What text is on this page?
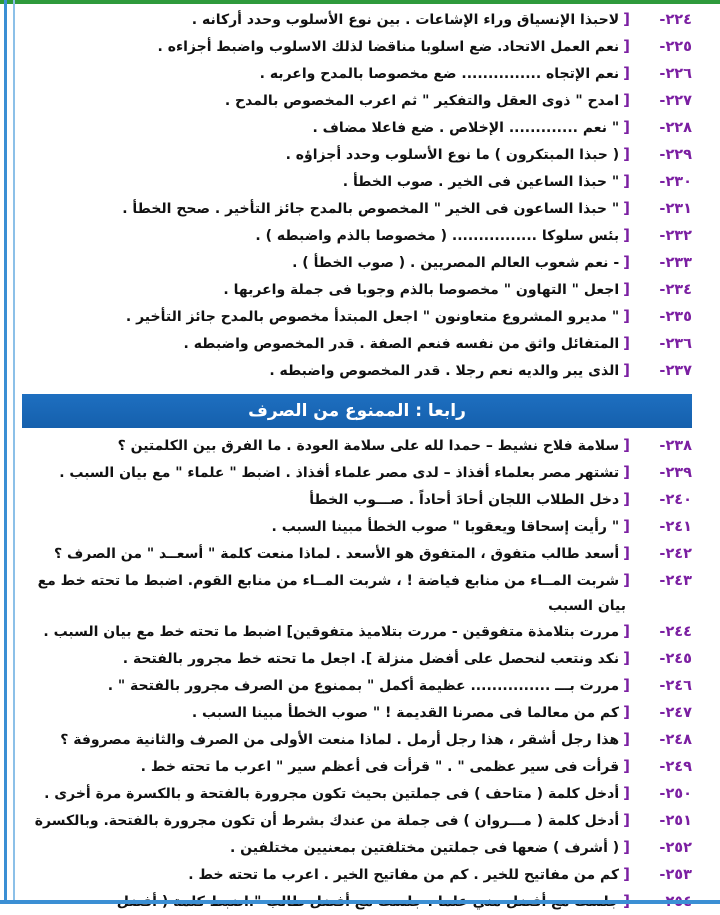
٢٢٤-
[
لاحبذا الإنسياق وراء الإشاعات . بين نوع الأسلوب وحدد أركانه .
٢٢٥-
[
نعم العمل الاتحاد. ضع اسلوبا مناقضا لذلك الاسلوب واضبط أجزاءه .
٢٢٦-
[
نعم الإتجاه ............... ضع مخصوصا بالمدح واعربه .
٢٢٧-
[
امدح " ذوى العقل والتفكير " ثم اعرب المخصوص بالمدح .
٢٢٨-
[
" نعم ............. الإخلاص . ضع فاعلا مضاف .
٢٢٩-
[
( حبذا المبتكرون ) ما نوع الأسلوب وحدد أجزاؤه .
٢٣٠-
[
" حبذا الساعين فى الخير . صوب الخطأ .
٢٣١-
[
" حبذا الساعون فى الخير " المخصوص بالمدح جائز التأخير . صحح الخطأ .
٢٣٢-
[
بئس سلوكا ................ ( مخصوصا بالذم واضبطه ) .
٢٣٣-
[
- نعم شعوب العالم المصريين . ( صوب الخطأ ) .
٢٣٤-
[
اجعل " التهاون " مخصوصا بالذم وجوبا فى جملة واعربها .
٢٣٥-
[
" مديرو المشروع متعاونون " اجعل المبتدأ مخصوص بالمدح جائز التأخير .
٢٣٦-
[
المتفائل واثق من نفسه فنعم الصفة . قدر المخصوص واضبطه .
٢٣٧-
[
الذى يبر والديه نعم رجلا . قدر المخصوص واضبطه .
رابعا : الممنوع من الصرف
٢٣٨-
[
سلامة فلاح نشيط – حمدا لله على سلامة العودة . ما الفرق بين الكلمتين ؟
٢٣٩-
[
تشتهر مصر بعلماء أفذاذ – لدى مصر علماء أفذاذ . اضبط " علماء " مع بيان السبب .
٢٤٠-
[
دخل الطلاب اللجان أحادَ أحاداً . صـــوب الخطأ
٢٤١-
[
" رأيت إسحاقا ويعقوبا " صوب الخطأ مبينا السبب .
٢٤٢-
[
أسعد طالب متفوق ، المتفوق هو الأسعد . لماذا منعت كلمة " أسعــد " من الصرف ؟
٢٤٣-
[
شربت المــاء من منابع فياضة ! ، شربت المــاء من منابع القوم. اضبط ما تحته خط مع
بيان السبب
٢٤٤-
[
مررت بتلامذة متفوقين - مررت بتلاميذ متفوقين] اضبط ما تحته خط مع بيان السبب .
٢٤٥-
[
نكد ونتعب لنحصل على أفضل منزلة ]. اجعل ما تحته خط مجرور بالفتحة .
٢٤٦-
[
مررت بـــ ............... عظيمة أكمل " بممنوع من الصرف مجرور بالفتحة " .
٢٤٧-
[
كم من معالما فى مصرنا القديمة ! " صوب الخطأ مبينا السبب .
٢٤٨-
[
هذا رجل أشقر ، هذا رجل أرمل . لماذا منعت الأولى من الصرف والثانية مصروفة ؟
٢٤٩-
[
قرأت فى سير عظمى " . " قرأت فى أعظم سير " اعرب ما تحته خط .
٢٥٠-
[
أدخل كلمة ( متاحف ) فى جملتين بحيث تكون مجرورة بالفتحة و بالكسرة مرة أخرى .
٢٥١-
[
أدخل كلمة ( مـــروان ) فى جملة من عندك بشرط أن تكون مجرورة بالفتحة. وبالكسرة
٢٥٢-
[
( أشرف ) ضعها فى جملتين مختلفتين بمعنيين مختلفين .
٢٥٣-
[
كم من مفاتيح للخير . كم من مفاتيح الخير . اعرب ما تحته خط .
